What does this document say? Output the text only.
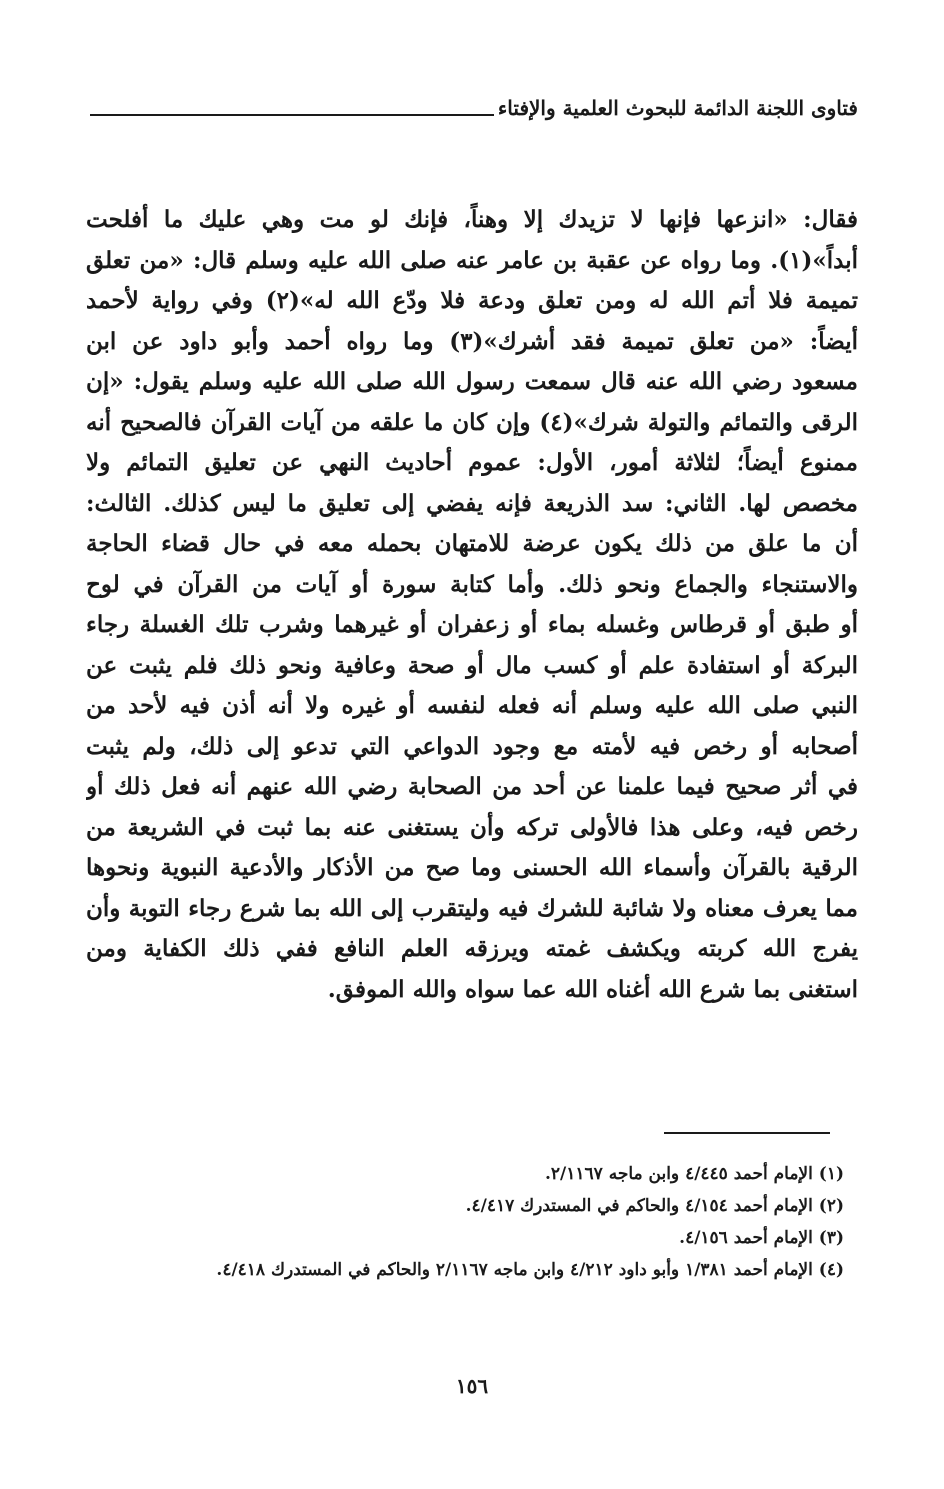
فتاوى اللجنة الدائمة للبحوث العلمية والإفتاء
فقال: «انزعها فإنها لا تزيدك إلا وهناً، فإنك لو مت وهي عليك ما أفلحت
أبداً»(١). وما رواه عن عقبة بن عامر عنه صلى الله عليه وسلم قال: «من تعلق
تميمة فلا أتم الله له ومن تعلق ودعة فلا ودّع الله له»(٢) وفي رواية لأحمد
أيضاً: «من تعلق تميمة فقد أشرك»(٣) وما رواه أحمد وأبو داود عن ابن
مسعود رضي الله عنه قال سمعت رسول الله صلى الله عليه وسلم يقول: «إن
الرقى والتمائم والتولة شرك»(٤) وإن كان ما علقه من آيات القرآن فالصحيح أنه
ممنوع أيضاً؛ لثلاثة أمور، الأول: عموم أحاديث النهي عن تعليق التمائم ولا
مخصص لها. الثاني: سد الذريعة فإنه يفضي إلى تعليق ما ليس كذلك. الثالث:
أن ما علق من ذلك يكون عرضة للامتهان بحمله معه في حال قضاء الحاجة
والاستنجاء والجماع ونحو ذلك. وأما كتابة سورة أو آيات من القرآن في لوح
أو طبق أو قرطاس وغسله بماء أو زعفران أو غيرهما وشرب تلك الغسلة رجاء
البركة أو استفادة علم أو كسب مال أو صحة وعافية ونحو ذلك فلم يثبت عن
النبي صلى الله عليه وسلم أنه فعله لنفسه أو غيره ولا أنه أذن فيه لأحد من
أصحابه أو رخص فيه لأمته مع وجود الدواعي التي تدعو إلى ذلك، ولم يثبت
في أثر صحيح فيما علمنا عن أحد من الصحابة رضي الله عنهم أنه فعل ذلك أو
رخص فيه، وعلى هذا فالأولى تركه وأن يستغنى عنه بما ثبت في الشريعة من
الرقية بالقرآن وأسماء الله الحسنى وما صح من الأذكار والأدعية النبوية ونحوها
مما يعرف معناه ولا شائبة للشرك فيه وليتقرب إلى الله بما شرع رجاء التوبة وأن
يفرج الله كربته ويكشف غمته ويرزقه العلم النافع ففي ذلك الكفاية ومن
استغنى بما شرع الله أغناه الله عما سواه والله الموفق.
(١) الإمام أحمد ٤/٤٤٥ وابن ماجه ٢/١١٦٧.
(٢) الإمام أحمد ٤/١٥٤ والحاكم في المستدرك ٤/٤١٧.
(٣) الإمام أحمد ٤/١٥٦.
(٤) الإمام أحمد ١/٣٨١ وأبو داود ٤/٢١٢ وابن ماجه ٢/١١٦٧ والحاكم في المستدرك ٤/٤١٨.
١٥٦
